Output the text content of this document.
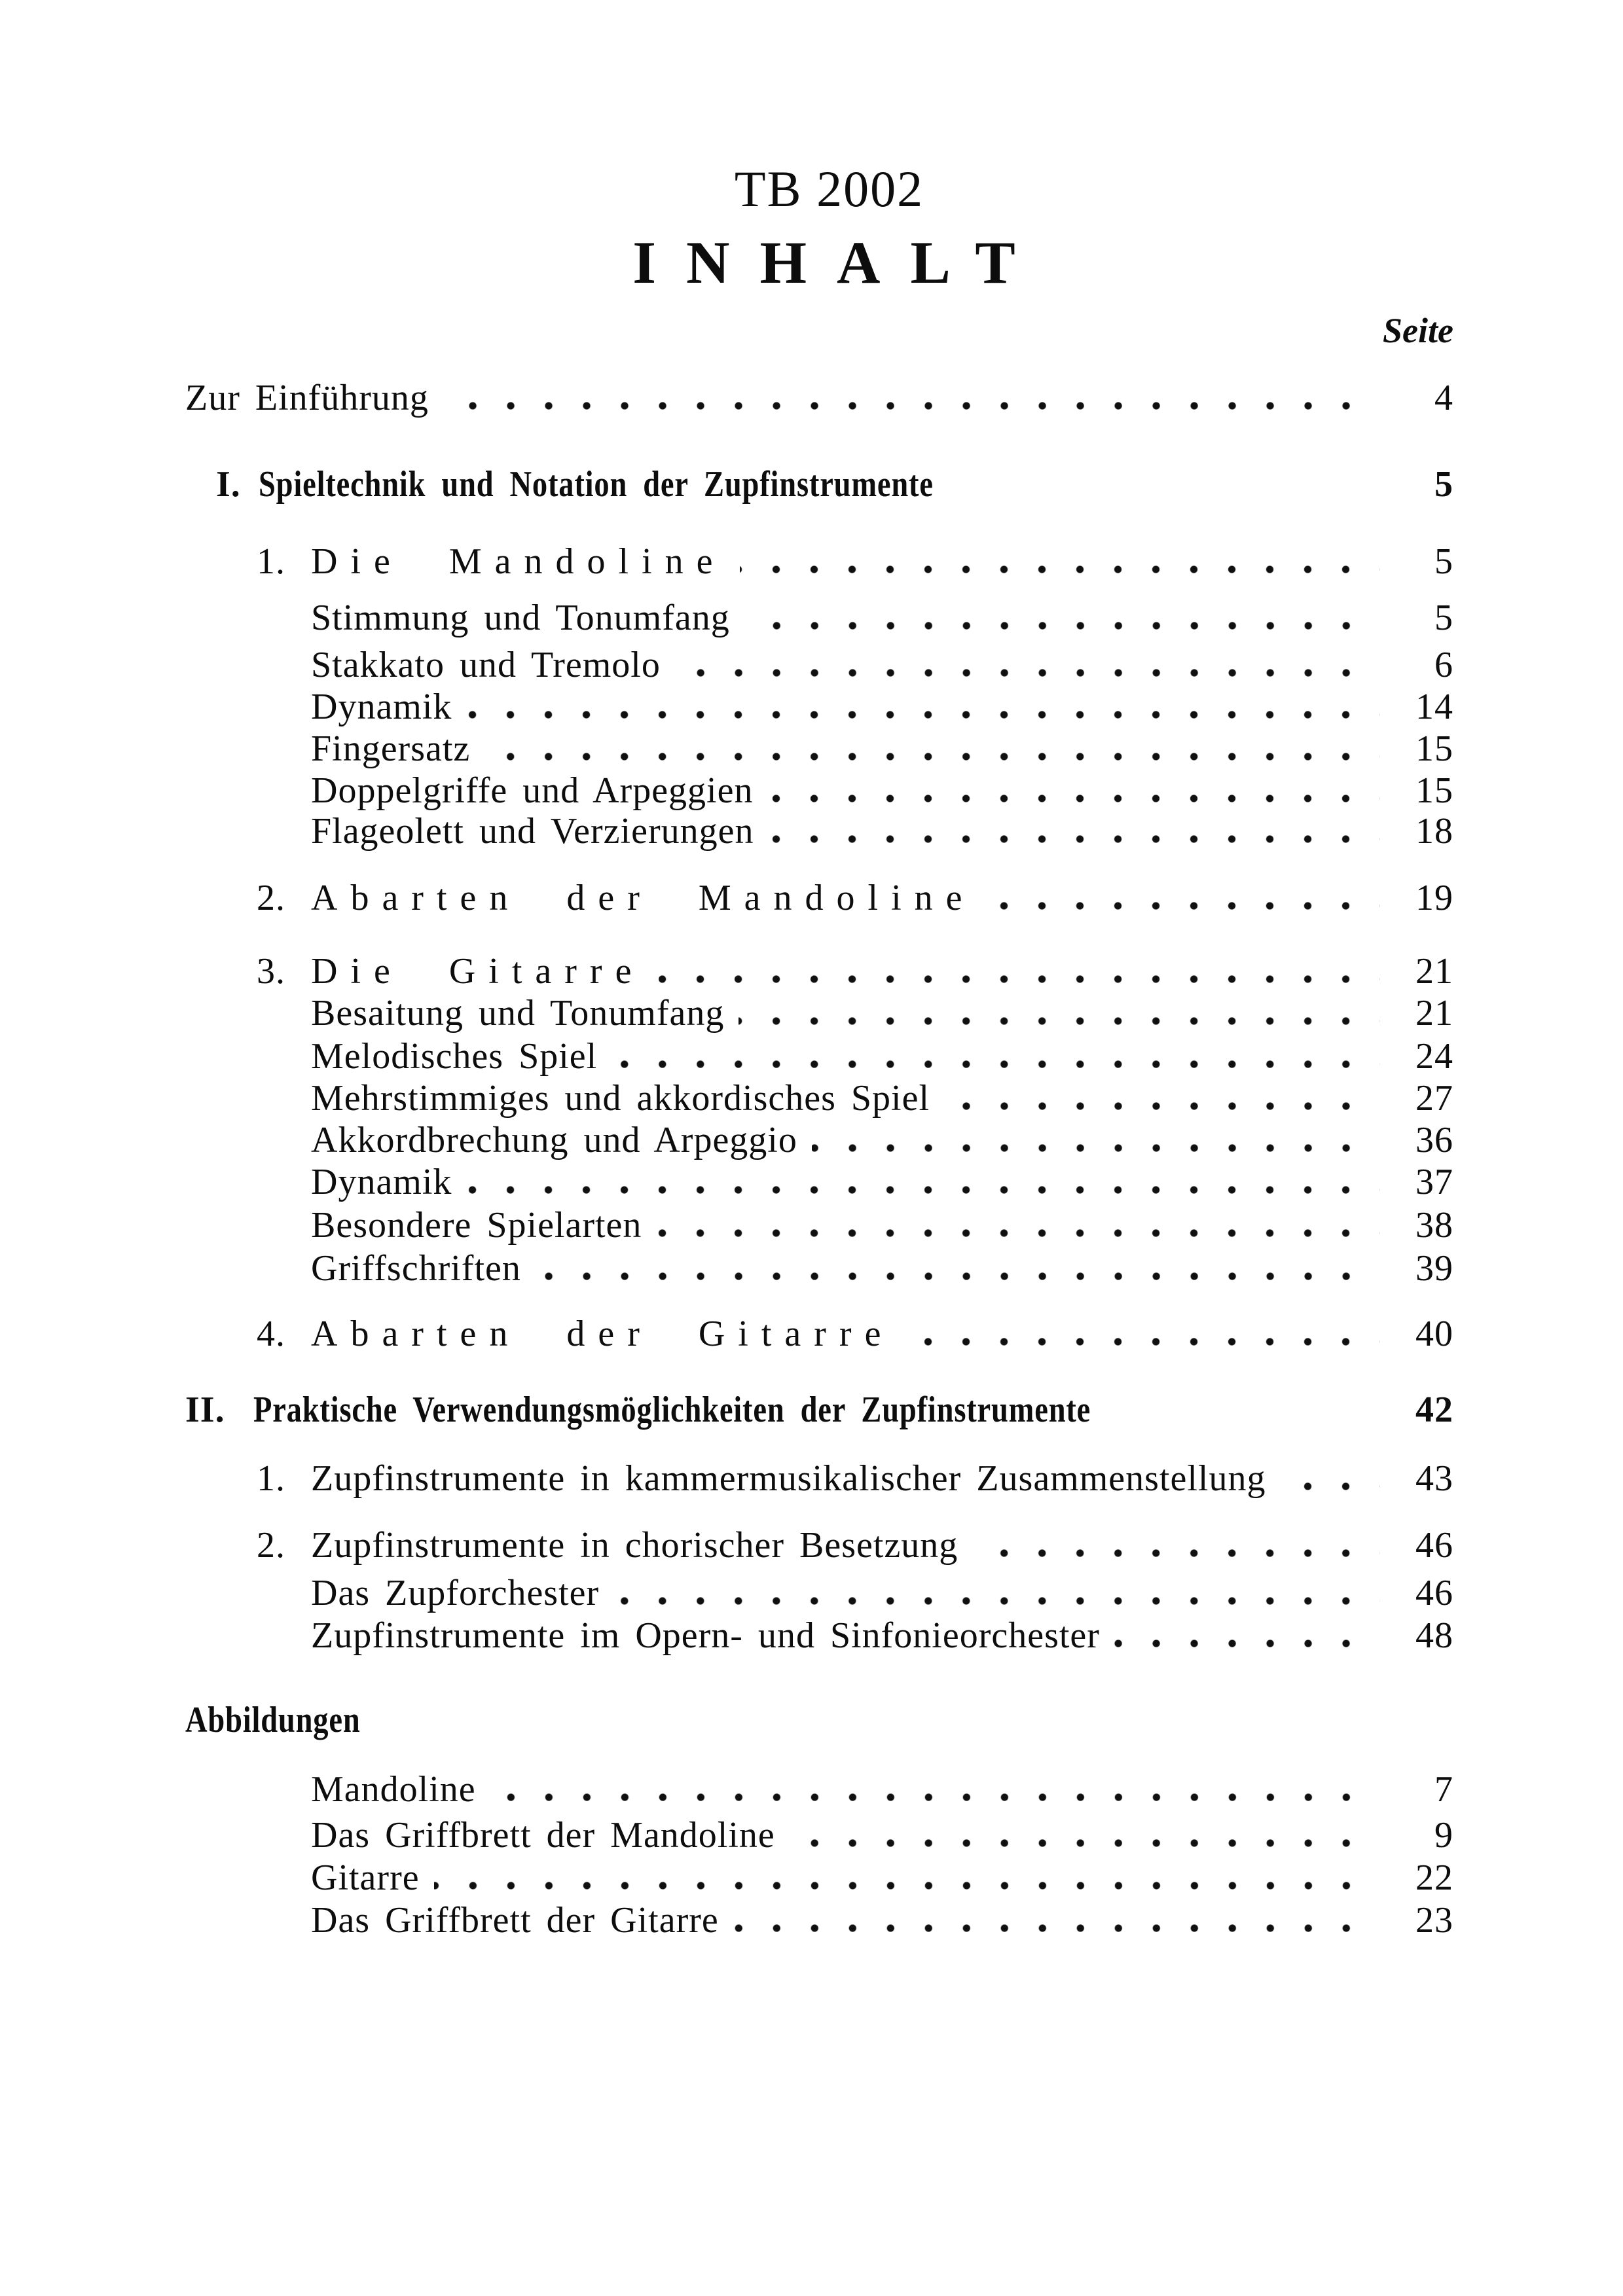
TB 2002
INHALT
Seite
Zur Einführung	4
I. Spieltechnik und Notation der Zupfinstrumente	5
1. Die Mandoline	5
Stimmung und Tonumfang	5
Stakkato und Tremolo	6
Dynamik	14
Fingersatz	15
Doppelgriffe und Arpeggien	15
Flageolett und Verzierungen	18
2. Abarten der Mandoline	19
3. Die Gitarre	21
Besaitung und Tonumfang	21
Melodisches Spiel	24
Mehrstimmiges und akkordisches Spiel	27
Akkordbrechung und Arpeggio	36
Dynamik	37
Besondere Spielarten	38
Griffschriften	39
4. Abarten der Gitarre	40
II. Praktische Verwendungsmöglichkeiten der Zupfinstrumente	42
1. Zupfinstrumente in kammermusikalischer Zusammenstellung	43
2. Zupfinstrumente in chorischer Besetzung	46
Das Zupforchester	46
Zupfinstrumente im Opern- und Sinfonieorchester	48
Abbildungen
Mandoline	7
Das Griffbrett der Mandoline	9
Gitarre	22
Das Griffbrett der Gitarre	23
